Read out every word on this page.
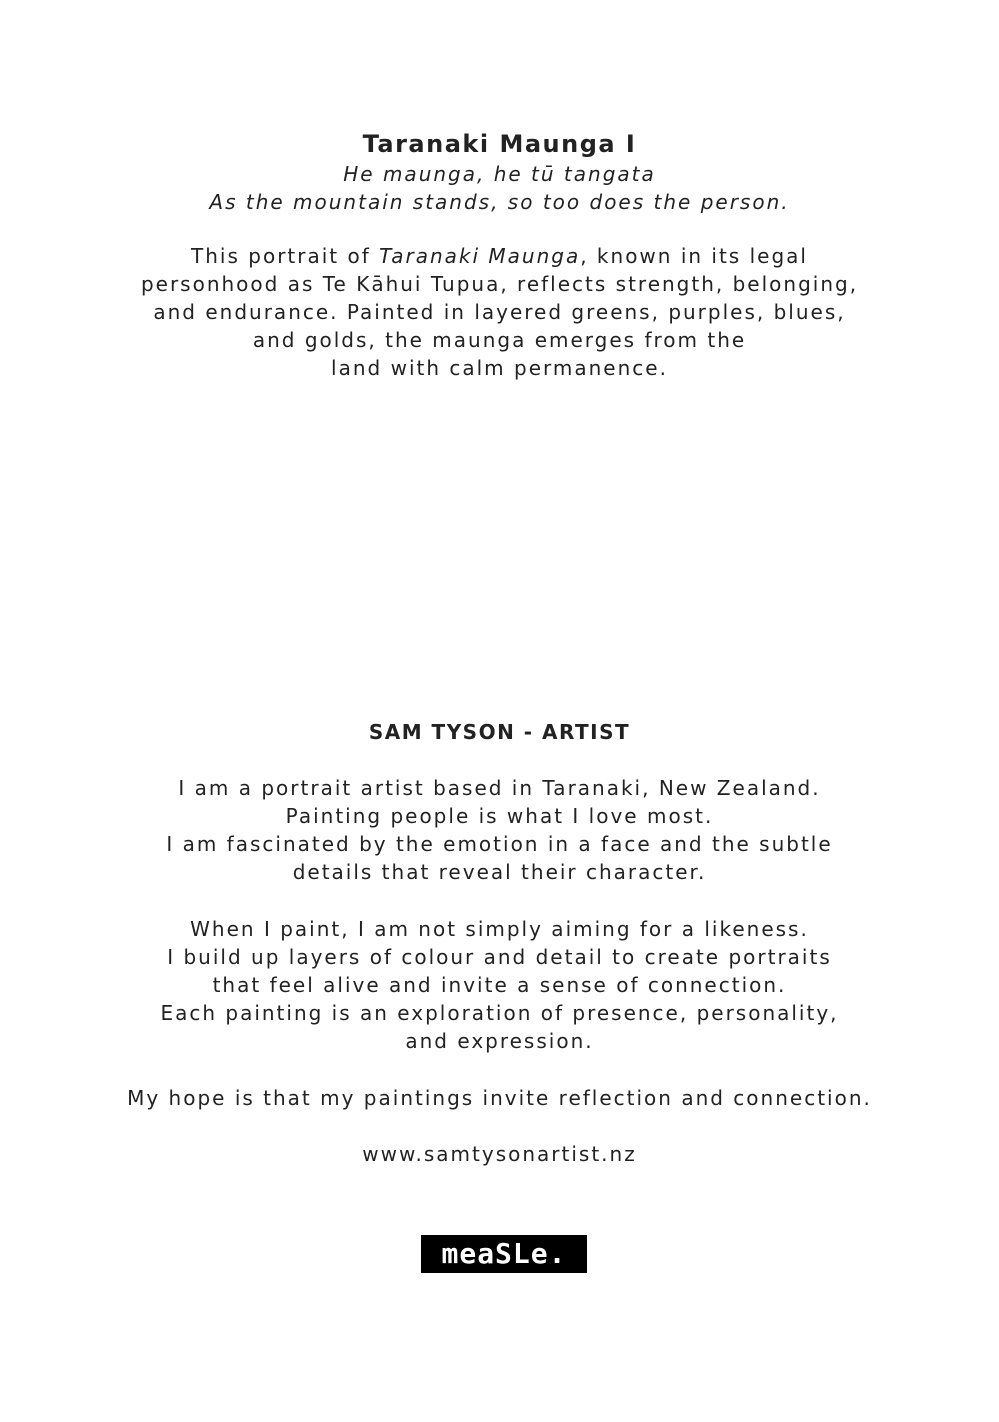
Taranaki Maunga I
He maunga, he tū tangata
As the mountain stands, so too does the person.
This portrait of Taranaki Maunga, known in its legal
personhood as Te Kāhui Tupua, reflects strength, belonging,
and endurance. Painted in layered greens, purples, blues,
and golds, the maunga emerges from the
land with calm permanence.
SAM TYSON - ARTIST
I am a portrait artist based in Taranaki, New Zealand.
Painting people is what I love most.
I am fascinated by the emotion in a face and the subtle
details that reveal their character.
When I paint, I am not simply aiming for a likeness.
I build up layers of colour and detail to create portraits
that feel alive and invite a sense of connection.
Each painting is an exploration of presence, personality,
and expression.
My hope is that my paintings invite reflection and connection.
www.samtysonartist.nz
meaSLe.
